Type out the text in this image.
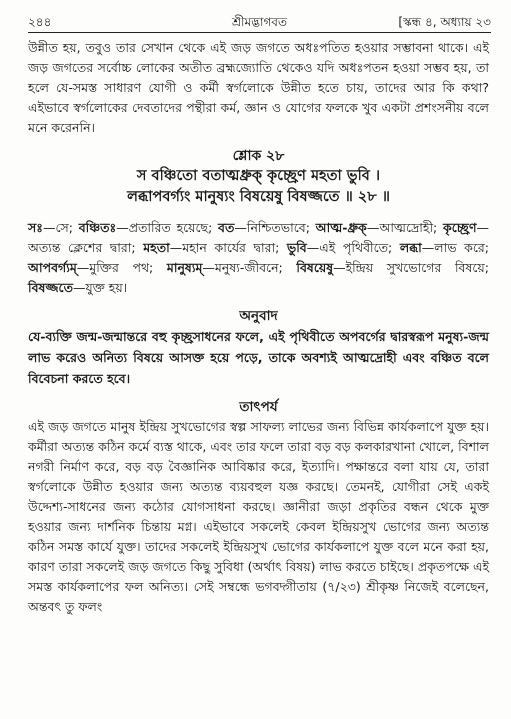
২৪৪	শ্রীমদ্ভাগবত	[স্কন্ধ ৪, অধ্যায় ২৩

উন্নীত হয়, তবুও তার সেখান থেকে এই জড় জগতে অধঃপতিত হওয়ার সম্ভাবনা থাকে। এই জড় জগতের সর্বোচ্চ লোকের অতীত ব্রহ্মজ্যোতি থেকেও যদি অধঃপতন হওয়া সম্ভব হয়, তা হলে যে-সমস্ত সাধারণ যোগী ও কর্মী স্বর্গলোকে উন্নীত হতে চায়, তাদের আর কি কথা? এইভাবে স্বর্গলোকের দেবতাদের পন্থীরা কর্ম, জ্ঞান ও যোগের ফলকে খুব একটা প্রশংসনীয় বলে মনে করেননি।

শ্লোক ২৮
স বঞ্চিতো বতাত্মধ্রুক্ কৃচ্ছ্রেণ মহতা ভুবি ।
লব্ধাপবর্গ্যং মানুষ্যং বিষয়েষু বিষজ্জতে ॥ ২৮ ॥
সঃ—সে; বঞ্চিতঃ—প্রতারিত হয়েছে; বত—নিশ্চিতভাবে; আত্ম-ধ্রুক্—আত্মদ্রোহী; কৃচ্ছ্রেণ—অত্যন্ত ক্লেশের দ্বারা; মহতা—মহান কার্যের দ্বারা; ভুবি—এই পৃথিবীতে; লব্ধা—লাভ করে; আপবর্গ্যম্—মুক্তির পথ; মানুষ্যম্—মনুষ্য-জীবনে; বিষয়েষু—ইন্দ্রিয় সুখভোগের বিষয়ে; বিষজ্জতে—যুক্ত হয়।
অনুবাদ
যে-ব্যক্তি জন্ম-জন্মান্তরে বহু কৃচ্ছ্রসাধনের ফলে, এই পৃথিবীতে অপবর্গের দ্বারস্বরূপ মনুষ্য-জন্ম লাভ করেও অনিত্য বিষয়ে আসক্ত হয়ে পড়ে, তাকে অবশ্যই আত্মদ্রোহী এবং বঞ্চিত বলে বিবেচনা করতে হবে।
তাৎপর্য

এই জড় জগতে মানুষ ইন্দ্রিয় সুখভোগের স্বল্প সাফল্য লাভের জন্য বিভিন্ন কার্যকলাপে যুক্ত হয়। কর্মীরা অত্যন্ত কঠিন কর্মে ব্যস্ত থাকে, এবং তার ফলে তারা বড় বড় কলকারখানা খোলে, বিশাল নগরী নির্মাণ করে, বড় বড় বৈজ্ঞানিক আবিষ্কার করে, ইত্যাদি। পক্ষান্তরে বলা যায় যে, তারা স্বর্গলোকে উন্নীত হওয়ার জন্য অত্যন্ত ব্যয়বহুল যজ্ঞ করছে। তেমনই, যোগীরা সেই একই উদ্দেশ্য-সাধনের জন্য কঠোর যোগসাধনা করছে। জ্ঞানীরা জড়া প্রকৃতির বন্ধন থেকে মুক্ত হওয়ার জন্য দার্শনিক চিন্তায় মগ্ন। এইভাবে সকলেই কেবল ইন্দ্রিয়সুখ ভোগের জন্য অত্যন্ত কঠিন সমস্ত কার্যে যুক্ত। তাদের সকলেই ইন্দ্রিয়সুখ ভোগের কার্যকলাপে যুক্ত বলে মনে করা হয়, কারণ তারা সকলেই জড় জগতে কিছু সুবিধা (অর্থাৎ বিষয়) লাভ করতে চাইছে। প্রকৃতপক্ষে এই সমস্ত কার্যকলাপের ফল অনিত্য। সেই সম্বন্ধে ভগবদ্গীতায় (৭/২৩) শ্রীকৃষ্ণ নিজেই বলেছেন, অন্তবৎ তু ফলং
